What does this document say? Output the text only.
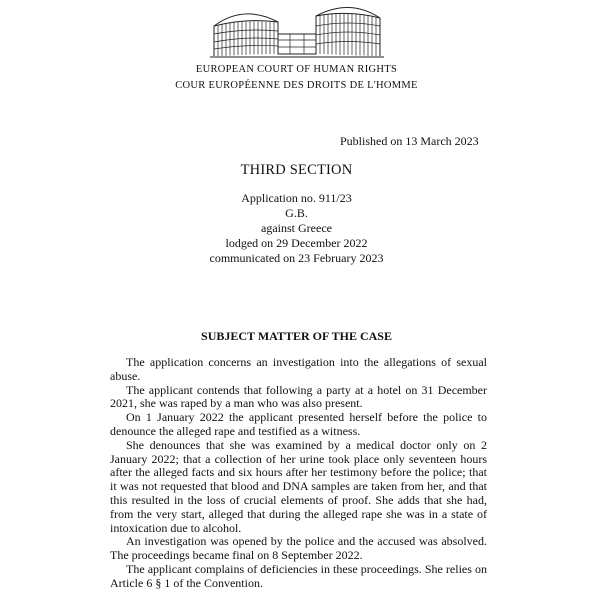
EUROPEAN COURT OF HUMAN RIGHTS
COUR EUROPÉENNE DES DROITS DE L'HOMME
Published on 13 March 2023
THIRD SECTION
Application no. 911/23
G.B.
against Greece
lodged on 29 December 2022
communicated on 23 February 2023
SUBJECT MATTER OF THE CASE

The application concerns an investigation into the allegations of sexual abuse.

The applicant contends that following a party at a hotel on 31 December 2021, she was raped by a man who was also present.

On 1 January 2022 the applicant presented herself before the police to denounce the alleged rape and testified as a witness.

She denounces that she was examined by a medical doctor only on 2 January 2022; that a collection of her urine took place only seventeen hours after the alleged facts and six hours after her testimony before the police; that it was not requested that blood and DNA samples are taken from her, and that this resulted in the loss of crucial elements of proof. She adds that she had, from the very start, alleged that during the alleged rape she was in a state of intoxication due to alcohol.

An investigation was opened by the police and the accused was absolved. The proceedings became final on 8 September 2022.

The applicant complains of deficiencies in these proceedings. She relies on Article 6 § 1 of the Convention.
